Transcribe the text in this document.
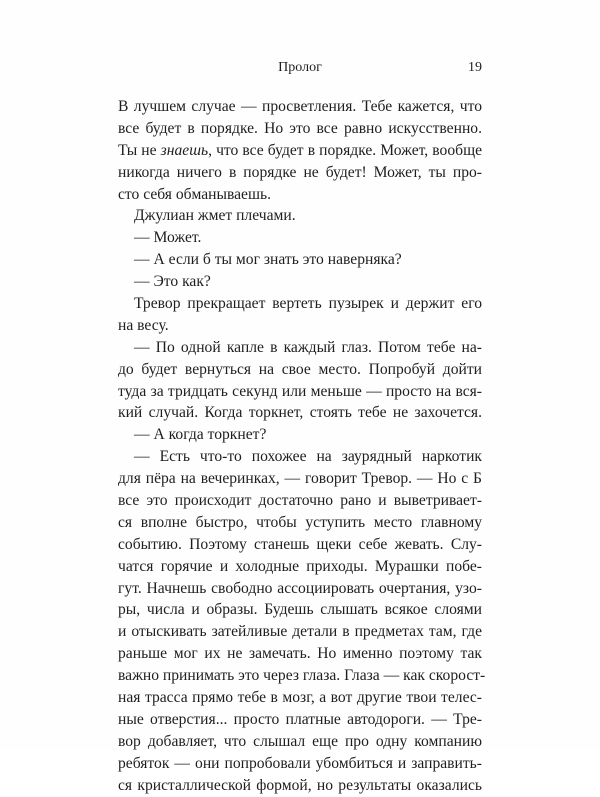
Пролог	19
В лучшем случае — просветления. Тебе кажется, что
все будет в порядке. Но это все равно искусственно.
Ты не знаешь, что все будет в порядке. Может, вообще
никогда ничего в порядке не будет! Может, ты про-
сто себя обманываешь.
Джулиан жмет плечами.
— Может.
— А если б ты мог знать это наверняка?
— Это как?
Тревор прекращает вертеть пузырек и держит его
на весу.
— По одной капле в каждый глаз. Потом тебе на-
до будет вернуться на свое место. Попробуй дойти
туда за тридцать секунд или меньше — просто на вся-
кий случай. Когда торкнет, стоять тебе не захочется.
— А когда торкнет?
— Есть что-то похожее на заурядный наркотик
для пёра на вечеринках, — говорит Тревор. — Но с Б
все это происходит достаточно рано и выветривает-
ся вполне быстро, чтобы уступить место главному
событию. Поэтому станешь щеки себе жевать. Слу-
чатся горячие и холодные приходы. Мурашки побе-
гут. Начнешь свободно ассоциировать очертания, узо-
ры, числа и образы. Будешь слышать всякое слоями
и отыскивать затейливые детали в предметах там, где
раньше мог их не замечать. Но именно поэтому так
важно принимать это через глаза. Глаза — как скорост-
ная трасса прямо тебе в мозг, а вот другие твои телес-
ные отверстия... просто платные автодороги. — Тре-
вор добавляет, что слышал еще про одну компанию
ребяток — они попробовали убомбиться и заправить-
ся кристаллической формой, но результаты оказались
